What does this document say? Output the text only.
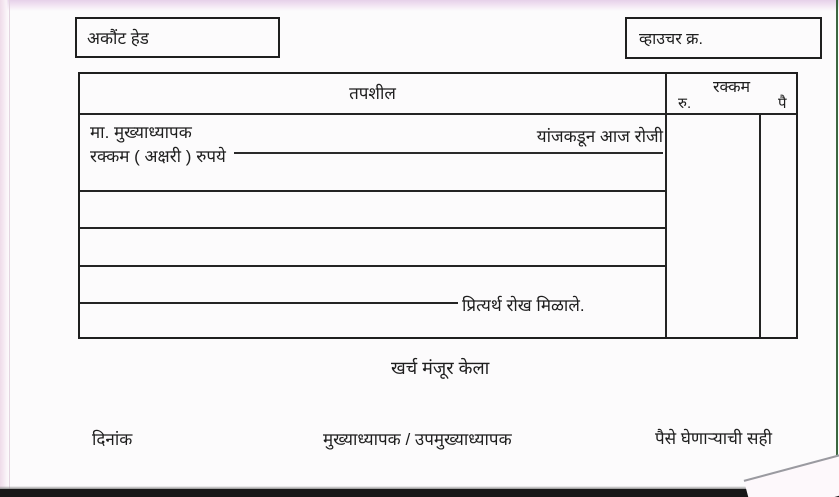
अकौंट हेड	व्हाउचर क्र.
तपशील	रक्कम
रु.	पै
मा. मुख्याध्यापक	यांजकडून आज रोजी
रक्कम ( अक्षरी ) रुपये
प्रित्यर्थ रोख मिळाले.
खर्च मंजूर केला
दिनांक	मुख्याध्यापक / उपमुख्याध्यापक	पैसे घेणाऱ्याची सही
